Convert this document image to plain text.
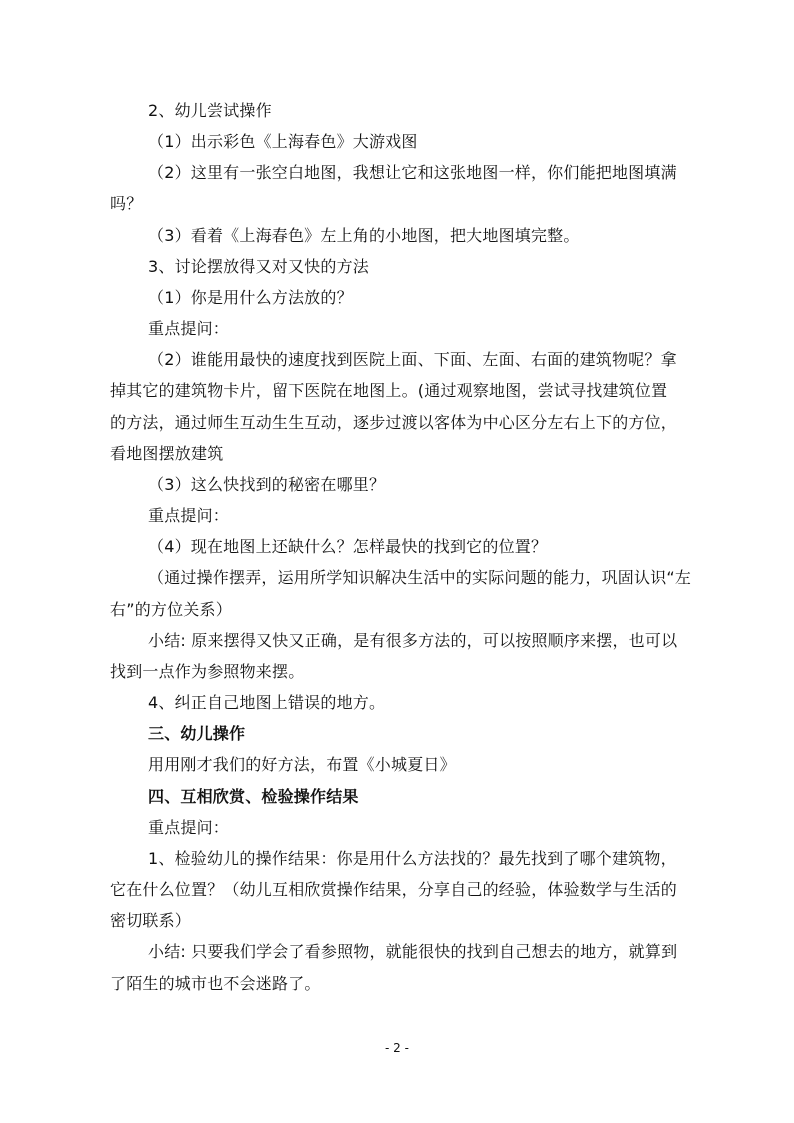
2、幼儿尝试操作
（1）出示彩色《上海春色》大游戏图
（2）这里有一张空白地图，我想让它和这张地图一样，你们能把地图填满
吗？
（3）看着《上海春色》左上角的小地图，把大地图填完整。
3、讨论摆放得又对又快的方法
（1）你是用什么方法放的？
重点提问：
（2）谁能用最快的速度找到医院上面、下面、左面、右面的建筑物呢？拿
掉其它的建筑物卡片，留下医院在地图上。(通过观察地图，尝试寻找建筑位置
的方法，通过师生互动生生互动，逐步过渡以客体为中心区分左右上下的方位，
看地图摆放建筑
（3）这么快找到的秘密在哪里？
重点提问：
（4）现在地图上还缺什么？怎样最快的找到它的位置？
（通过操作摆弄，运用所学知识解决生活中的实际问题的能力，巩固认识“左
右”的方位关系）
小结: 原来摆得又快又正确，是有很多方法的，可以按照顺序来摆，也可以
找到一点作为参照物来摆。
4、纠正自己地图上错误的地方。
三、幼儿操作
用用刚才我们的好方法，布置《小城夏日》
四、互相欣赏、检验操作结果
重点提问：
1、检验幼儿的操作结果：你是用什么方法找的？最先找到了哪个建筑物，
它在什么位置？（幼儿互相欣赏操作结果，分享自己的经验，体验数学与生活的
密切联系）
小结: 只要我们学会了看参照物，就能很快的找到自己想去的地方，就算到
了陌生的城市也不会迷路了。
- 2 -
